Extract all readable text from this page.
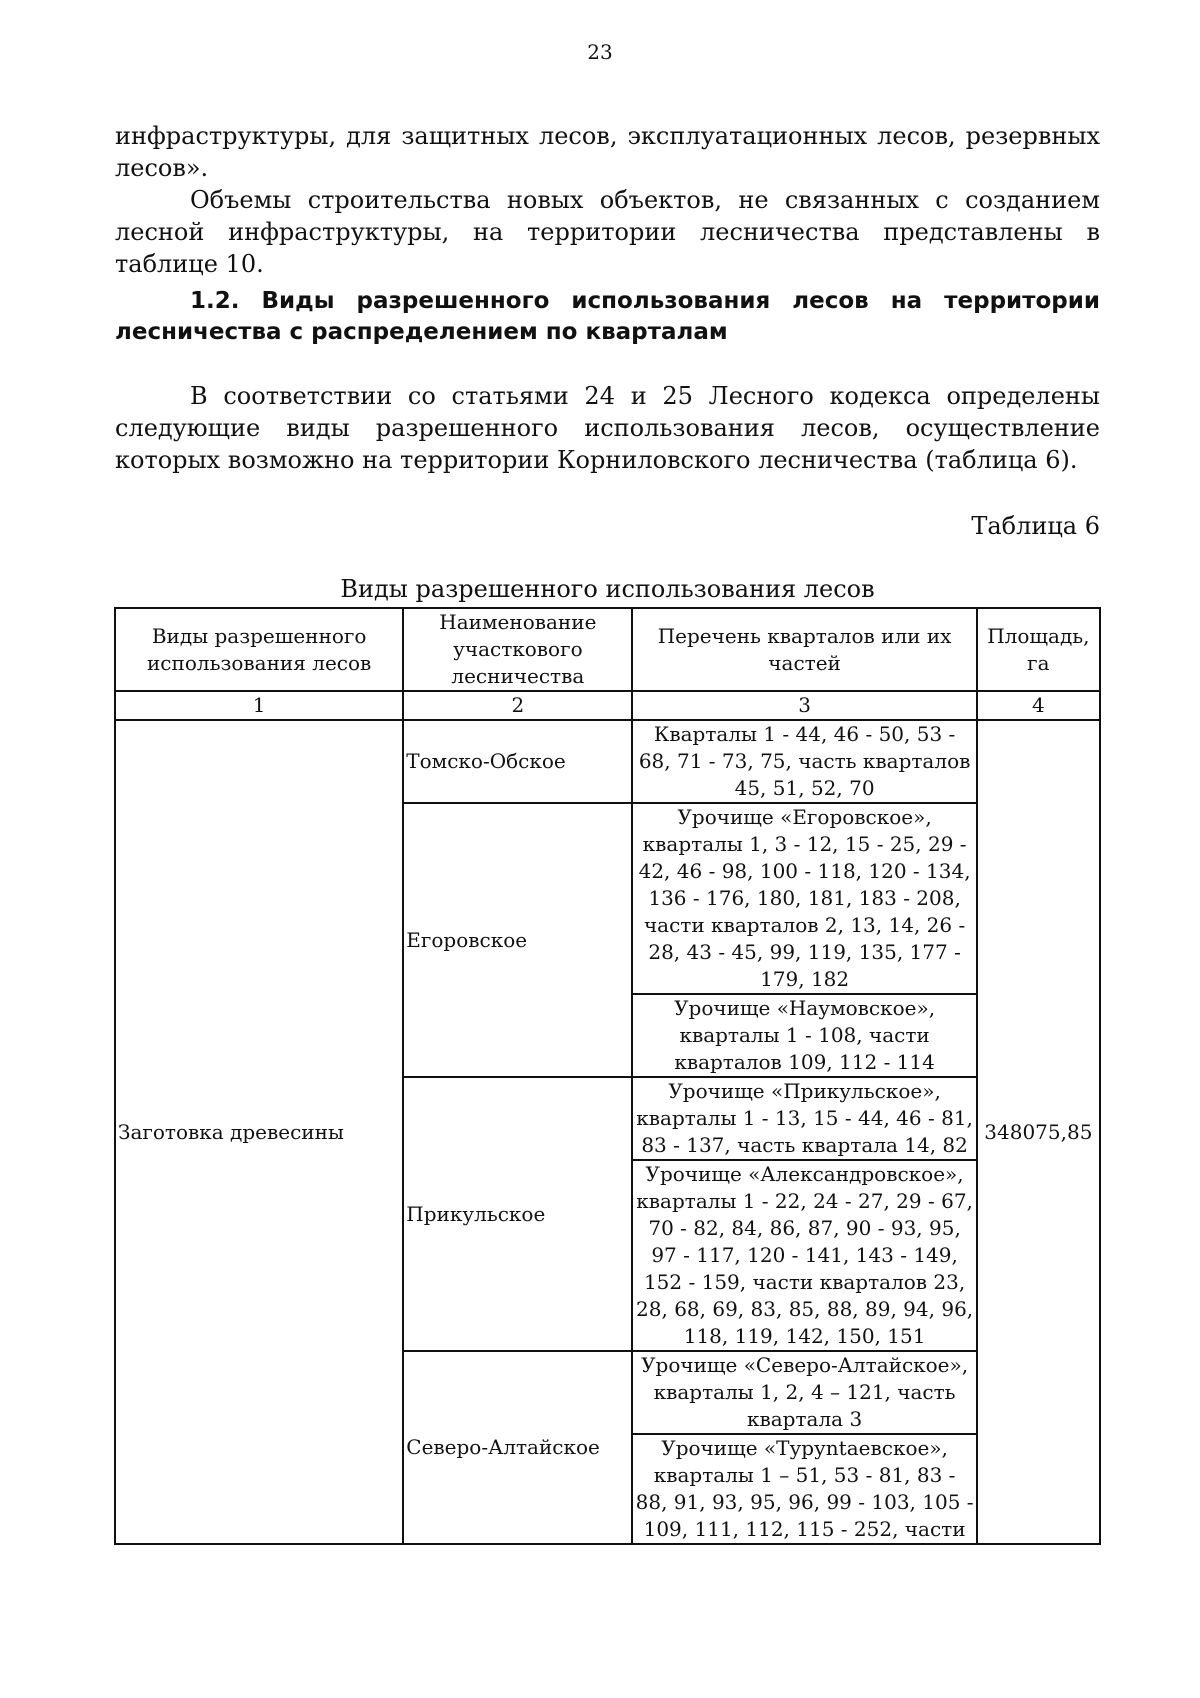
23

инфраструктуры, для защитных лесов, эксплуатационных лесов, резервных лесов».

Объемы строительства новых объектов, не связанных с созданием лесной инфраструктуры, на территории лесничества представлены в таблице 10.

1.2. Виды разрешенного использования лесов на территории
лесничества с распределением по кварталам

В соответствии со статьями 24 и 25 Лесного кодекса определены следующие виды разрешенного использования лесов, осуществление которых возможно на территории Корниловского лесничества (таблица 6).

Таблица 6
Виды разрешенного использования лесов
Виды разрешенного использования лесов	Наименование участкового лесничества	Перечень кварталов или их частей	Площадь, га
1	2	3	4
Заготовка древесины	Томско-Обское	Кварталы 1 - 44, 46 - 50, 53 - 68, 71 - 73, 75, часть кварталов 45, 51, 52, 70	348075,85
	Егоровское	Урочище «Егоровское», кварталы 1, 3 - 12, 15 - 25, 29 - 42, 46 - 98, 100 - 118, 120 - 134, 136 - 176, 180, 181, 183 - 208, части кварталов 2, 13, 14, 26 - 28, 43 - 45, 99, 119, 135, 177 - 179, 182	
		Урочище «Наумовское», кварталы 1 - 108, части кварталов 109, 112 - 114	
	Прикульское	Урочище «Прикульское», кварталы 1 - 13, 15 - 44, 46 - 81, 83 - 137, часть квартала 14, 82	
		Урочище «Александровское», кварталы 1 - 22, 24 - 27, 29 - 67, 70 - 82, 84, 86, 87, 90 - 93, 95, 97 - 117, 120 - 141, 143 - 149, 152 - 159, части кварталов 23, 28, 68, 69, 83, 85, 88, 89, 94, 96, 118, 119, 142, 150, 151	
	Северо-Алтайское	Урочище «Северо-Алтайское», кварталы 1, 2, 4 – 121, часть квартала 3	
		Урочище «Туруntaевское», кварталы 1 – 51, 53 - 81, 83 - 88, 91, 93, 95, 96, 99 - 103, 105 - 109, 111, 112, 115 - 252, части	
